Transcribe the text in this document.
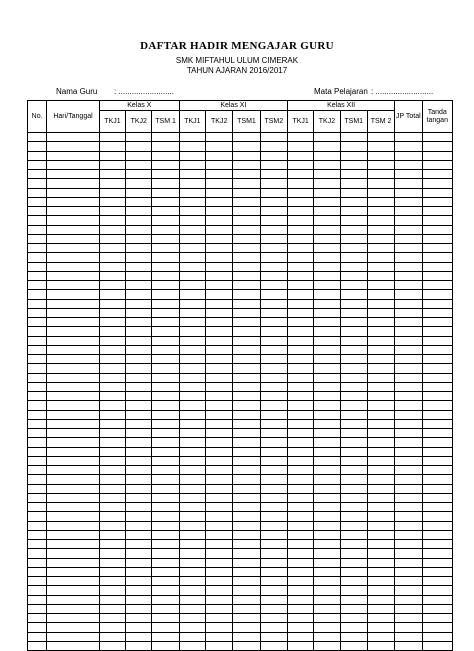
DAFTAR HADIR MENGAJAR GURU
SMK MIFTAHUL ULUM CIMERAK
TAHUN AJARAN 2016/2017
Nama Guru : .........................	Mata Pelajaran : ..........................
No.	Hari/Tanggal	Kelas X			Kelas XI				Kelas XII				JP Total	Tanda tangan
		TKJ1	TKJ2	TSM 1	TKJ1	TKJ2	TSM1	TSM2	TKJ1	TKJ2	TSM1	TSM 2		
